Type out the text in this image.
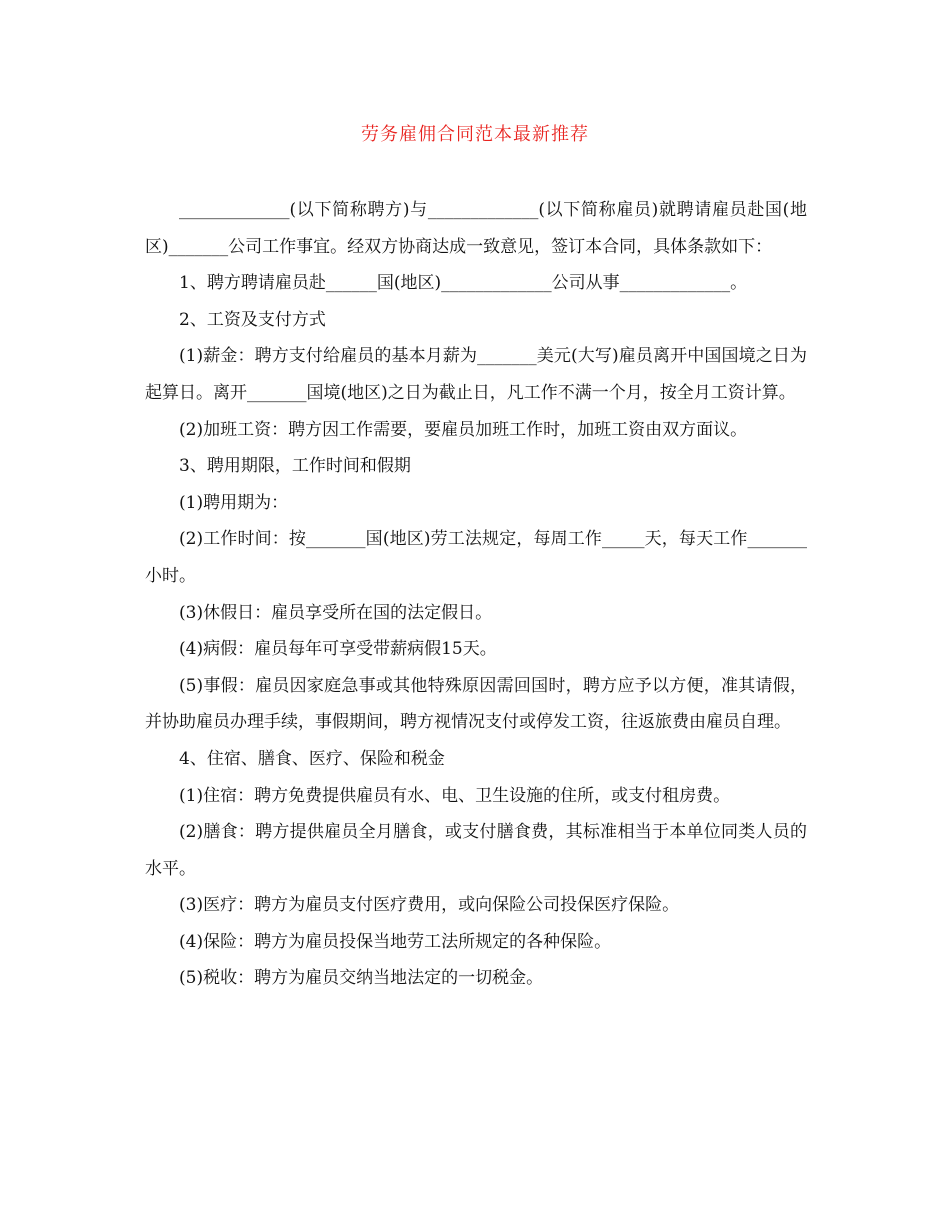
劳务雇佣合同范本最新推荐

_____________(以下简称聘方)与_____________(以下简称雇员)就聘请雇员赴国(地区)_______公司工作事宜。经双方协商达成一致意见，签订本合同，具体条款如下：

1、聘方聘请雇员赴______国(地区)_____________公司从事_____________。

2、工资及支付方式

(1)薪金：聘方支付给雇员的基本月薪为_______美元(大写)雇员离开中国国境之日为起算日。离开_______国境(地区)之日为截止日，凡工作不满一个月，按全月工资计算。

(2)加班工资：聘方因工作需要，要雇员加班工作时，加班工资由双方面议。

3、聘用期限，工作时间和假期

(1)聘用期为：

(2)工作时间：按_______国(地区)劳工法规定，每周工作_____天，每天工作_______小时。

(3)休假日：雇员享受所在国的法定假日。

(4)病假：雇员每年可享受带薪病假15天。

(5)事假：雇员因家庭急事或其他特殊原因需回国时，聘方应予以方便，准其请假，并协助雇员办理手续，事假期间，聘方视情况支付或停发工资，往返旅费由雇员自理。

4、住宿、膳食、医疗、保险和税金

(1)住宿：聘方免费提供雇员有水、电、卫生设施的住所，或支付租房费。

(2)膳食：聘方提供雇员全月膳食，或支付膳食费，其标准相当于本单位同类人员的水平。

(3)医疗：聘方为雇员支付医疗费用，或向保险公司投保医疗保险。

(4)保险：聘方为雇员投保当地劳工法所规定的各种保险。

(5)税收：聘方为雇员交纳当地法定的一切税金。
